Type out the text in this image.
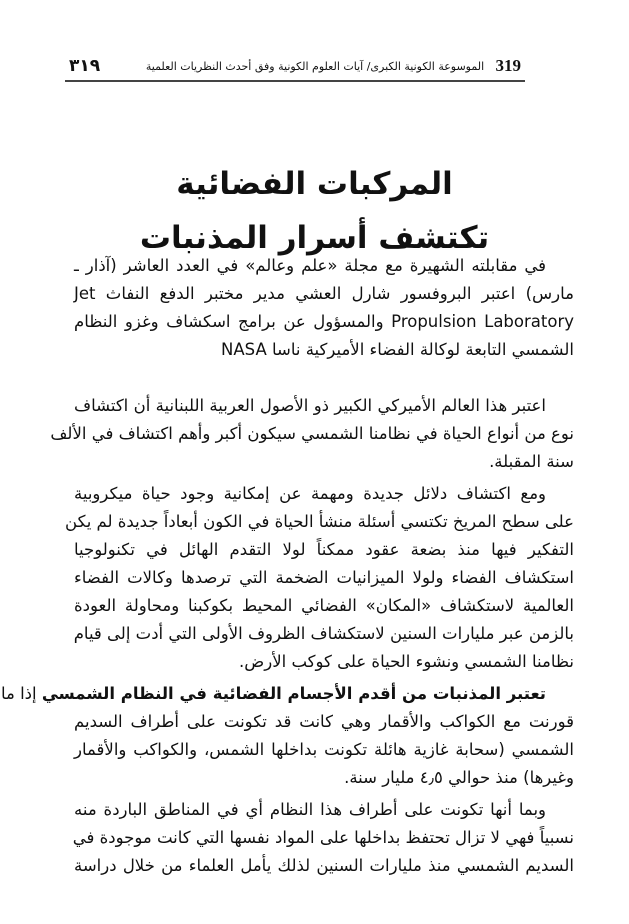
٣١٩	الموسوعة الكونية الكبرى/ آيات العلوم الكونية وفق أحدث النظريات العلمية 319
المركبات الفضائية
تكتشف أسرار المذنبات
في مقابلته الشهيرة مع مجلة «علم وعالم» في العدد العاشر (آذار ـ
مارس) اعتبر البروفسور شارل العشي مدير مختبر الدفع النفاث Jet
Propulsion Laboratory والمسؤول عن برامج اسكشاف وغزو النظام
الشمسي التابعة لوكالة الفضاء الأميركية ناسا NASA
اعتبر هذا العالم الأميركي الكبير ذو الأصول العربية اللبنانية أن اكتشاف
نوع من أنواع الحياة في نظامنا الشمسي سيكون أكبر وأهم اكتشاف في الألف
سنة المقبلة.
ومع اكتشاف دلائل جديدة ومهمة عن إمكانية وجود حياة ميكروبية
على سطح المريخ تكتسي أسئلة منشأ الحياة في الكون أبعاداً جديدة لم يكن
التفكير فيها منذ بضعة عقود ممكناً لولا التقدم الهائل في تكنولوجيا
استكشاف الفضاء ولولا الميزانيات الضخمة التي ترصدها وكالات الفضاء
العالمية لاستكشاف «المكان» الفضائي المحيط بكوكبنا ومحاولة العودة
بالزمن عبر مليارات السنين لاستكشاف الظروف الأولى التي أدت إلى قيام
نظامنا الشمسي ونشوء الحياة على كوكب الأرض.
تعتبر المذنبات من أقدم الأجسام الفضائية في النظام الشمسي إذا ما
قورنت مع الكواكب والأقمار وهي كانت قد تكونت على أطراف السديم
الشمسي (سحابة غازية هائلة تكونت بداخلها الشمس، والكواكب والأقمار
وغيرها) منذ حوالي ٤٫٥ مليار سنة.
وبما أنها تكونت على أطراف هذا النظام أي في المناطق الباردة منه
نسبياً فهي لا تزال تحتفظ بداخلها على المواد نفسها التي كانت موجودة في
السديم الشمسي منذ مليارات السنين لذلك يأمل العلماء من خلال دراسة
